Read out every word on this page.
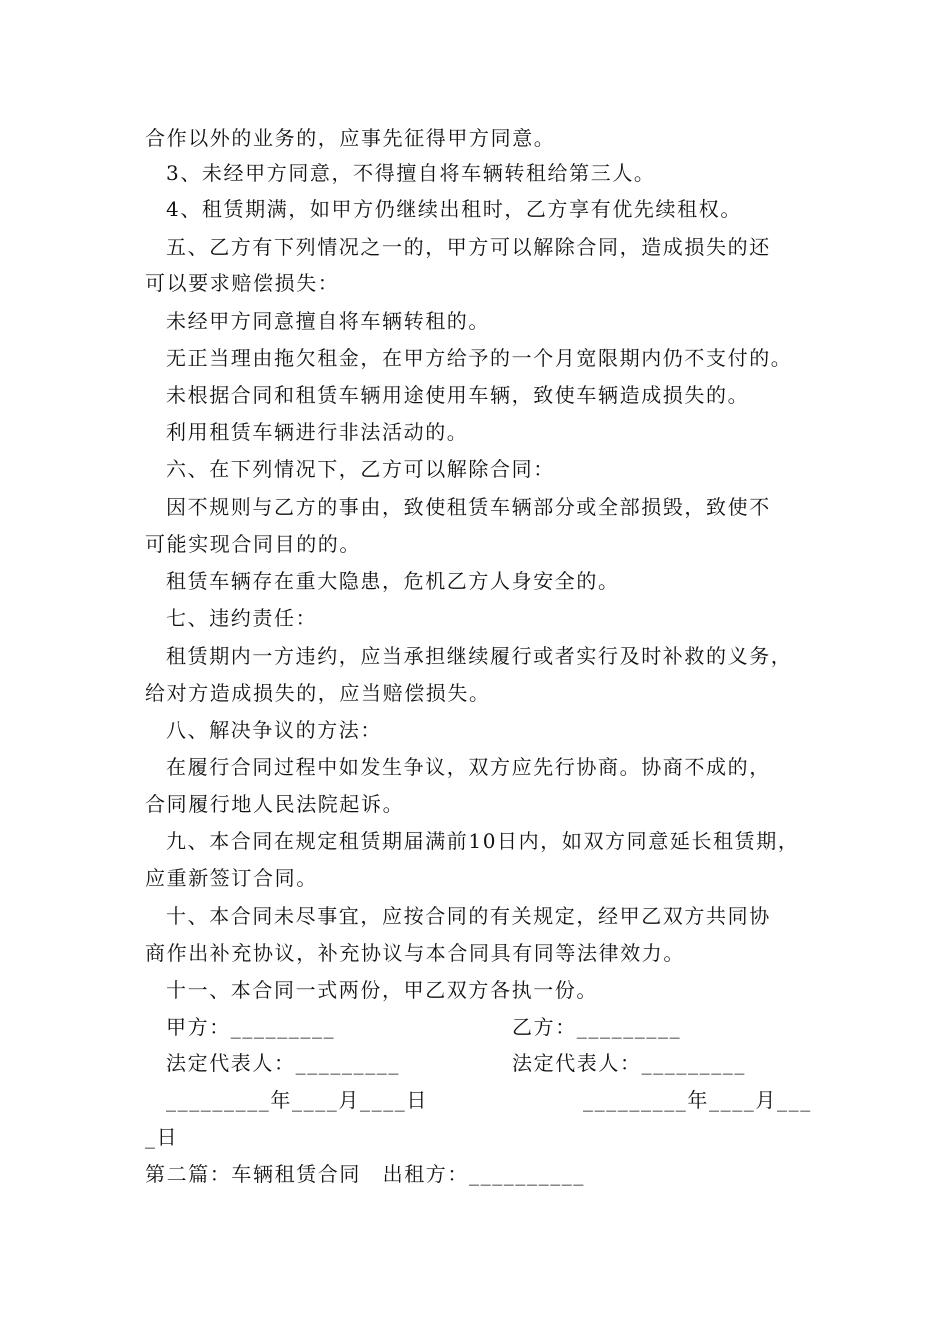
合作以外的业务的，应事先征得甲方同意。
3、未经甲方同意，不得擅自将车辆转租给第三人。
4、租赁期满，如甲方仍继续出租时，乙方享有优先续租权。
五、乙方有下列情况之一的，甲方可以解除合同，造成损失的还
可以要求赔偿损失：
未经甲方同意擅自将车辆转租的。
无正当理由拖欠租金，在甲方给予的一个月宽限期内仍不支付的。
未根据合同和租赁车辆用途使用车辆，致使车辆造成损失的。
利用租赁车辆进行非法活动的。
六、在下列情况下，乙方可以解除合同：
因不规则与乙方的事由，致使租赁车辆部分或全部损毁，致使不
可能实现合同目的的。
租赁车辆存在重大隐患，危机乙方人身安全的。
七、违约责任：
租赁期内一方违约，应当承担继续履行或者实行及时补救的义务，
给对方造成损失的，应当赔偿损失。
八、解决争议的方法：
在履行合同过程中如发生争议，双方应先行协商。协商不成的，
合同履行地人民法院起诉。
九、本合同在规定租赁期届满前10日内，如双方同意延长租赁期，
应重新签订合同。
十、本合同未尽事宜，应按合同的有关规定，经甲乙双方共同协
商作出补充协议，补充协议与本合同具有同等法律效力。
十一、本合同一式两份，甲乙双方各执一份。
甲方：_________	乙方：_________
法定代表人：_________	法定代表人：_________
_________年____月____日	_________年____月___
_日
第二篇：车辆租赁合同　出租方：__________
